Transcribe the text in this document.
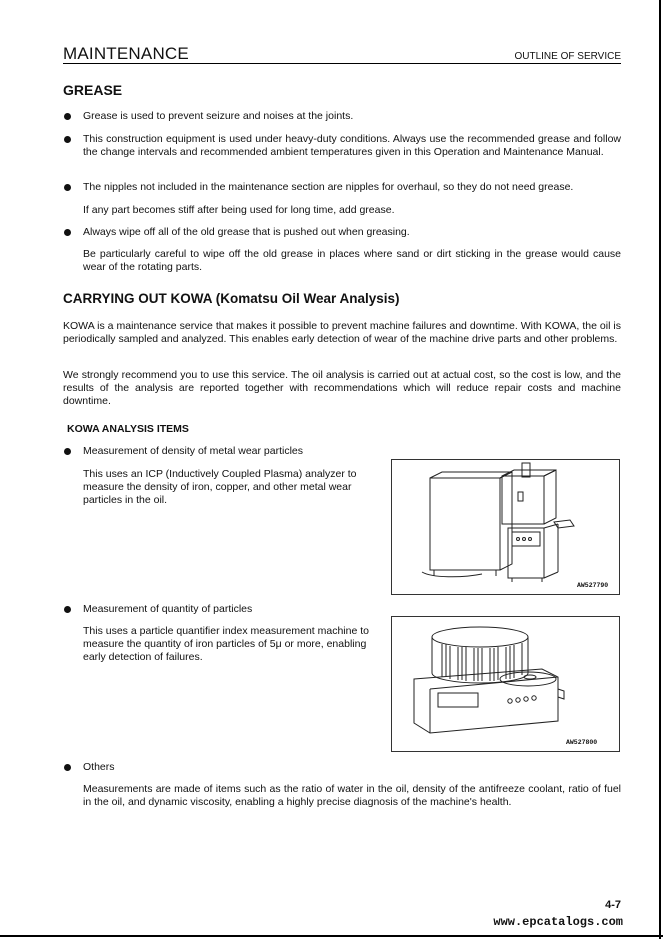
MAINTENANCE	OUTLINE OF SERVICE
GREASE
Grease is used to prevent seizure and noises at the joints.
This construction equipment is used under heavy-duty conditions. Always use the recommended grease and follow the change intervals and recommended ambient temperatures given in this Operation and Maintenance Manual.
The nipples not included in the maintenance section are nipples for overhaul, so they do not need grease.
If any part becomes stiff after being used for long time, add grease.
Always wipe off all of the old grease that is pushed out when greasing.
Be particularly careful to wipe off the old grease in places where sand or dirt sticking in the grease would cause wear of the rotating parts.
CARRYING OUT KOWA (Komatsu Oil Wear Analysis)
KOWA is a maintenance service that makes it possible to prevent machine failures and downtime. With KOWA, the oil is periodically sampled and analyzed. This enables early detection of wear of the machine drive parts and other problems.
We strongly recommend you to use this service. The oil analysis is carried out at actual cost, so the cost is low, and the results of the analysis are reported together with recommendations which will reduce repair costs and machine downtime.
KOWA ANALYSIS ITEMS
Measurement of density of metal wear particles
This uses an ICP (Inductively Coupled Plasma) analyzer to measure the density of iron, copper, and other metal wear particles in the oil.
AW527790
Measurement of quantity of particles
This uses a particle quantifier index measurement machine to measure the quantity of iron particles of 5μ or more, enabling early detection of failures.
AW527800
Others
Measurements are made of items such as the ratio of water in the oil, density of the antifreeze coolant, ratio of fuel in the oil, and dynamic viscosity, enabling a highly precise diagnosis of the machine's health.
4-7
www.epcatalogs.com
